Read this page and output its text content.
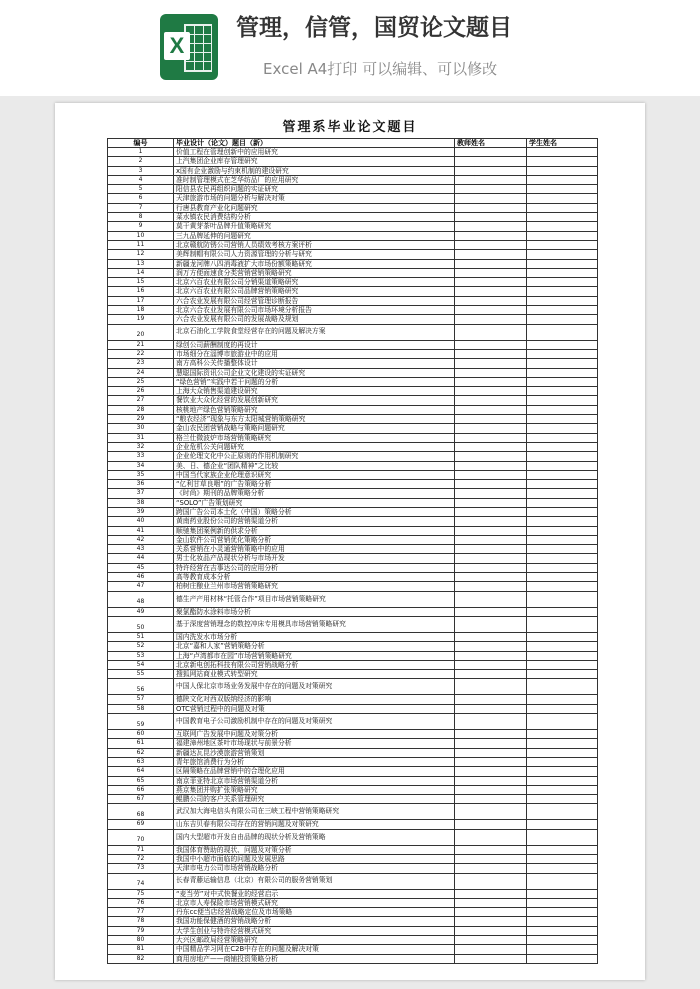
X
管理，信管，国贸论文题目
Excel A4打印 可以编辑、可以修改
管理系毕业论文题目
编号	毕业设计（论文）题目（新）	教师姓名	学生姓名
1	价值工程在管理创新中的应用研究		
2	上汽集团企业库存管理研究		
3	x国有企业激励与约束机制的建设研究		
4	准时制管理模式在芝华纺品厂的应用研究		
5	阳信县农民再组织问题的实证研究		
6	天津旅游市场的问题分析与解决对策		
7	行唐县教育产业化问题研究		
8	菜水镇农民消费结构分析		
9	莫干黄芽茶叶品牌升值策略研究		
10	三九品牌延伸的问题研究		
11	北京赣航防锈公司营销人员绩效考核方案评析		
12	美辉制帽有限公司人力资源管理的分析与研究		
13	新疆龙河牌八四消毒液扩大市场份额策略研究		
14	润万方便面速食分类营销营销策略研究		
15	北京六百农业有限公司分销渠道策略研究		
16	北京六百农业有限公司品牌营销策略研究		
17	六合农业发展有限公司经营管理诊断报告		
18	北京六合农业发展有限公司市场环境分析报告		
19	六合农业发展有限公司的发展战略及规划		
20	北京石油化工学院食堂经营存在的问题及解决方案		
21	绿创公司薪酬制度的再设计		
22	市场细分在淄博市旅游业中的应用		
23	南方高科公关传播整体设计		
24	慧聪国际资讯公司企业文化建设的实证研究		
25	“绿色营销”实践中若干问题的分析		
26	上海大众销售渠道建设研究		
27	餐饮业大众化经营的发展创新研究		
28	核桃地产绿色营销策略研究		
29	“粮农经济”现象与东方太阳城营销策略研究		
30	金山农民团营销战略与策略问题研究		
31	格兰仕微波炉市场营销策略研究		
32	企业危机公关问题研究		
33	企业伦理文化中公正原则的作用机制研究		
34	美、日、德企业“团队精神”之比较		
35	中国当代家族企业伦理意识研究		
36	“亿利甘草良咽”的广告策略分析		
37	《时尚》期刊的品牌策略分析		
38	“SOLO”广告策划研究		
39	跨国广告公司本土化（中国）策略分析		
40	黄南药业股份公司的营销渠道分析		
41	顺驰集团案例新的供求分析		
42	金山软件公司营销优化策略分析		
43	关系营销在小灵通营销策略中的应用		
44	男士化妆品产品现状分析与市场开发		
45	特许经营在吉事达公司的应用分析		
46	高等教育成本分析		
47	柏树庄酿业兰州市场营销策略研究		
48	德生产产用材林“托管合作”项目市场营销策略研究		
49	聚氯酯防水涂料市场分析		
50	基于深度营销理念的数控冲床专用模具市场营销策略研究		
51	国内洗发水市场分析		
52	北京“嘉和人家”营销策略分析		
53	上海“卢湾都市在园”市场营销策略研究		
54	北京新电创拓科技有限公司营销战略分析		
55	搜狐网站商业模式转型研究		
56	中国人保北京市场业务发展中存在的问题及对策研究		
57	德陕文化对西双版纳经济的影响		
58	OTC营销过程中的问题及对策		
59	中国教育电子公司激励机制中存在的问题及对策研究		
60	互联网广告发展中问题及对策分析		
61	福建漳州地区茶叶市场现状与前景分析		
62	新疆达瓦昆沙漠旅游营销策划		
63	青年旅馆消费行为分析		
64	区隔策略在品牌营销中的合理化应用		
65	南京菲亚特北京市场营销渠道分析		
66	燕京集团并购扩张策略研究		
67	鲲鹏公司的客户关系管理研究		
68	武汉加大海电信头有限公司在三峡工程中营销策略研究		
69	山东吉贝春有限公司存在的营销问题及对策研究		
70	国内大型超市开发自由品牌的现状分析及营销策略		
71	我国体育赞助的现状、问题及对策分析		
72	我国中小超市面临的问题及发展思路		
73	天津市电力公司市场营销战略分析		
74	长春青藤运输信息（北京）有限公司的服务营销策划		
75	“麦当劳”对中式快餐业的经营启示		
76	北京市人寿保险市场营销模式研究		
77	丹东cc便当店经营战略定位及市场策略		
78	我国功能保健酒的营销战略分析		
79	大学生创业与特许经营模式研究		
80	大兴区邮政局经营策略研究		
81	中国精品学习网在C2B中存在的问题及解决对策		
82	商用房地产——商铺投资策略分析		
